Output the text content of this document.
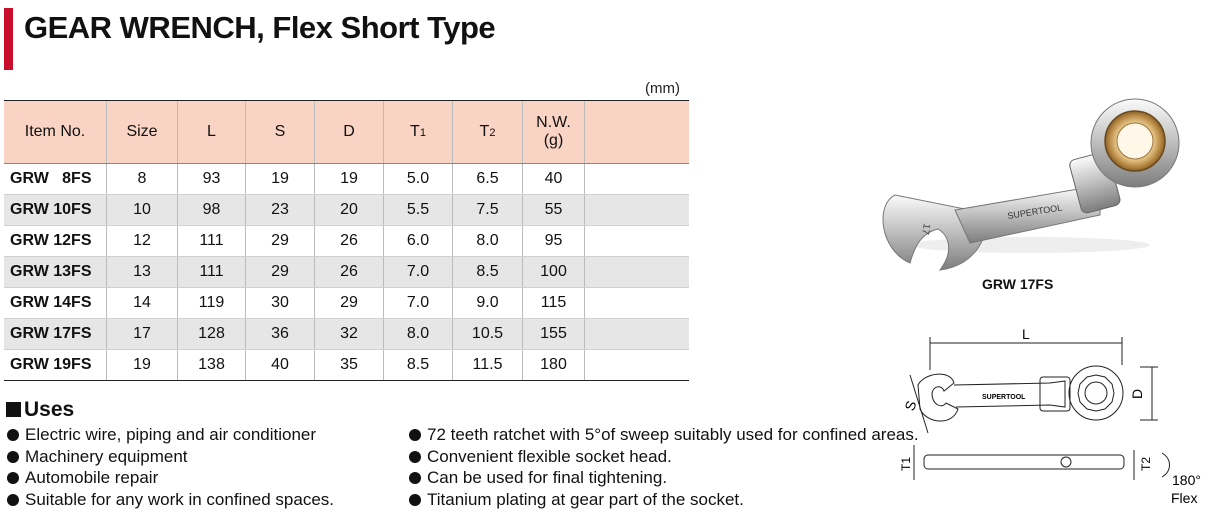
GEAR WRENCH, Flex Short Type
(mm)
Item No.	Size	L	S	D	T1	T2	N.W.
(g)	
GRW   8FS	8	93	19	19	5.0	6.5	40	
GRW 10FS	10	98	23	20	5.5	7.5	55	
GRW 12FS	12	111	29	26	6.0	8.0	95	
GRW 13FS	13	111	29	26	7.0	8.5	100	
GRW 14FS	14	119	30	29	7.0	9.0	115	
GRW 17FS	17	128	36	32	8.0	10.5	155	
GRW 19FS	19	138	40	35	8.5	11.5	180	
Uses
Electric wire, piping and air conditioner
Machinery equipment
Automobile repair
Suitable for any work in confined spaces.
72 teeth ratchet with 5°of sweep suitably used for confined areas.
Convenient flexible socket head.
Can be used for final tightening.
Titanium plating at gear part of the socket.
SUPERTOOL
17
GRW 17FS
L
S
D
SUPERTOOL
T1	T2
180°
Flex
